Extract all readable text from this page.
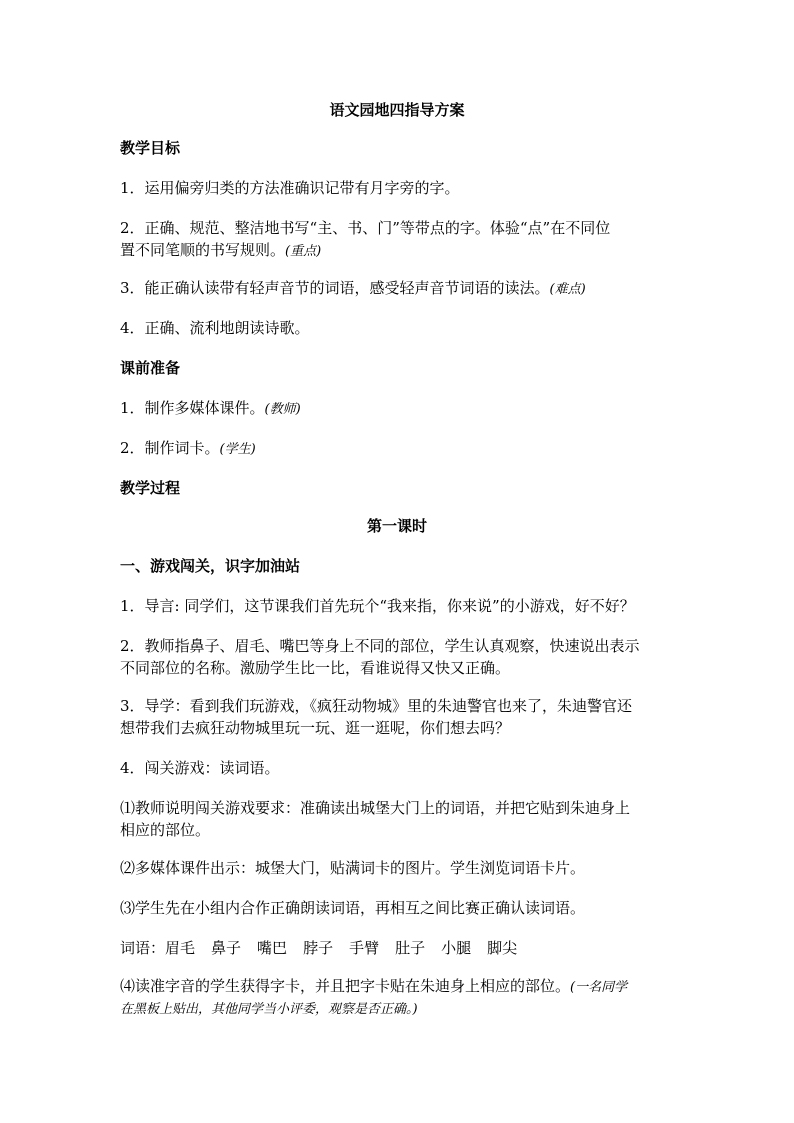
语文园地四指导方案
教学目标
1．运用偏旁归类的方法准确识记带有月字旁的字。
2．正确、规范、整洁地书写“主、书、门”等带点的字。体验“点”在不同位
置不同笔顺的书写规则。(重点)
3．能正确认读带有轻声音节的词语，感受轻声音节词语的读法。(难点)
4．正确、流利地朗读诗歌。
课前准备
1．制作多媒体课件。(教师)
2．制作词卡。(学生)
教学过程
第一课时
一、游戏闯关，识字加油站
1．导言: 同学们，这节课我们首先玩个“我来指，你来说”的小游戏，好不好？
2．教师指鼻子、眉毛、嘴巴等身上不同的部位，学生认真观察，快速说出表示
不同部位的名称。激励学生比一比，看谁说得又快又正确。
3．导学：看到我们玩游戏，《疯狂动物城》里的朱迪警官也来了，朱迪警官还
想带我们去疯狂动物城里玩一玩、逛一逛呢，你们想去吗？
4．闯关游戏：读词语。
⑴教师说明闯关游戏要求：准确读出城堡大门上的词语，并把它贴到朱迪身上
相应的部位。
⑵多媒体课件出示：城堡大门，贴满词卡的图片。学生浏览词语卡片。
⑶学生先在小组内合作正确朗读词语，再相互之间比赛正确认读词语。
词语：眉毛 鼻子 嘴巴 脖子 手臂 肚子 小腿 脚尖
⑷读准字音的学生获得字卡，并且把字卡贴在朱迪身上相应的部位。(一名同学
在黑板上贴出，其他同学当小评委，观察是否正确。)
